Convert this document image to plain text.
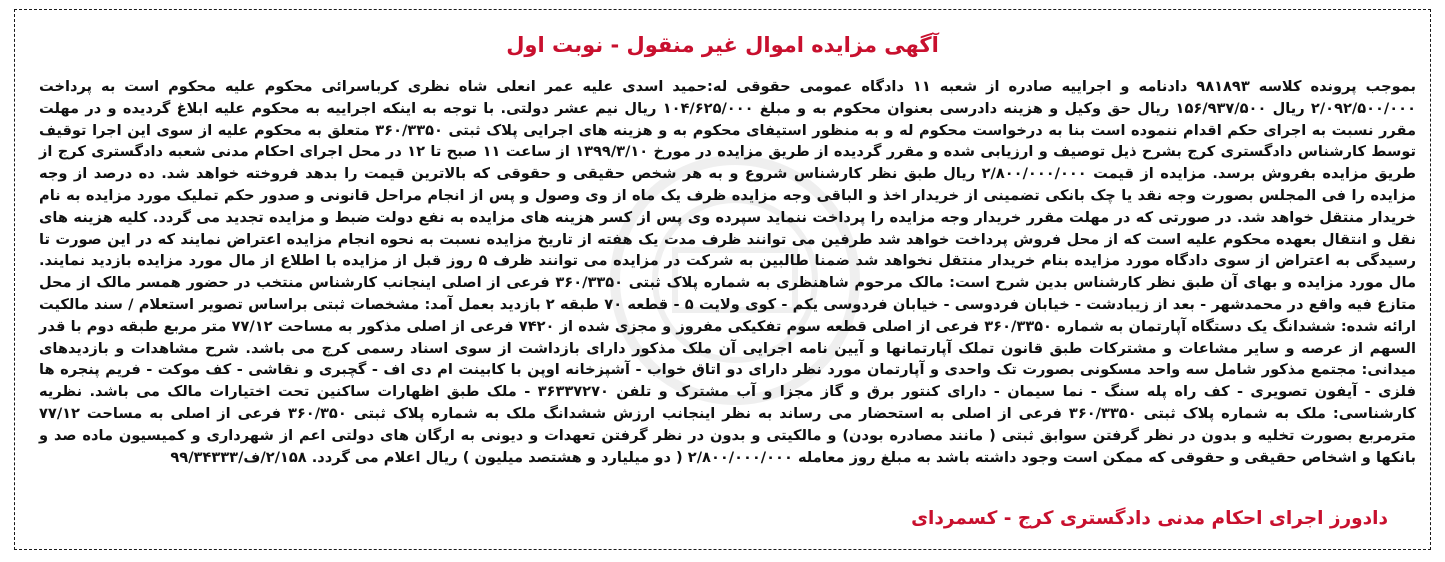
آگهی مزایده اموال غیر منقول - نوبت اول
بموجب پرونده کلاسه ۹۸۱۸۹۳ دادنامه و اجراییه صادره از شعبه ۱۱ دادگاه عمومی حقوقی له:حمید اسدی علیه عمر انعلی شاه نظری کرباسرائی محکوم علیه محکوم است به پرداخت ۲/۰۹۲/۵۰۰/۰۰۰ ریال ۱۵۶/۹۳۷/۵۰۰ ریال حق وکیل و هزینه دادرسی بعنوان محکوم به و مبلغ ۱۰۴/۶۲۵/۰۰۰ ریال نیم عشر دولتی. با توجه به اینکه اجراییه به محکوم علیه ابلاغ گردیده و در مهلت مقرر نسبت به اجرای حکم اقدام ننموده است بنا به درخواست محکوم له و به منظور استیفای محکوم به و هزینه های اجرایی پلاک ثبتی ۳۶۰/۳۳۵۰ متعلق به محکوم علیه از سوی این اجرا توقیف توسط کارشناس دادگستری کرج بشرح ذیل توصیف و ارزیابی شده و مقرر گردیده از طریق مزایده در مورخ ۱۳۹۹/۳/۱۰ از ساعت ۱۱ صبح تا ۱۲ در محل اجرای احکام مدنی شعبه دادگستری کرج از طریق مزایده بفروش برسد. مزایده از قیمت ۲/۸۰۰/۰۰۰/۰۰۰ ریال طبق نظر کارشناس شروع و به هر شخص حقیقی و حقوقی که بالاترین قیمت را بدهد فروخته خواهد شد. ده درصد از وجه مزایده را فی المجلس بصورت وجه نقد یا چک بانکی تضمینی از خریدار اخذ و الباقی وجه مزایده ظرف یک ماه از وی وصول و پس از انجام مراحل قانونی و صدور حکم تملیک مورد مزایده به نام خریدار منتقل خواهد شد. در صورتی که در مهلت مقرر خریدار وجه مزایده را پرداخت ننماید سپرده وی پس از کسر هزینه های مزایده به نفع دولت ضبط و مزایده تجدید می گردد. کلیه هزینه های نقل و انتقال بعهده محکوم علیه است که از محل فروش پرداخت خواهد شد طرفین می توانند ظرف مدت یک هفته از تاریخ مزایده نسبت به نحوه انجام مزایده اعتراض نمایند که در این صورت تا رسیدگی به اعتراض از سوی دادگاه مورد مزایده بنام خریدار منتقل نخواهد شد ضمنا طالبین به شرکت در مزایده می توانند ظرف ۵ روز قبل از مزایده با اطلاع از مال مورد مزایده بازدید نمایند. مال مورد مزایده و بهای آن طبق نظر کارشناس بدین شرح است: مالک مرحوم شاهنظری به شماره پلاک ثبتی ۳۶۰/۳۳۵۰ فرعی از اصلی اینجانب کارشناس منتخب در حضور همسر مالک از محل متازع فیه واقع در محمدشهر - بعد از زیبادشت - خیابان فردوسی - خیابان فردوسی یکم - کوی ولایت ۵ - قطعه ۷۰ طبقه ۲ بازدید بعمل آمد: مشخصات ثبتی براساس تصویر استعلام / سند مالکیت ارائه شده: ششدانگ یک دستگاه آپارتمان به شماره ۳۶۰/۳۳۵۰ فرعی از اصلی قطعه سوم تفکیکی مفروز و مجزی شده از ۷۴۲۰ فرعی از اصلی مذکور به مساحت ۷۷/۱۲ متر مربع طبقه دوم با قدر السهم از عرصه و سایر مشاعات و مشترکات طبق قانون تملک آپارتمانها و آیین نامه اجرایی آن ملک مذکور دارای بازداشت از سوی اسناد رسمی کرج می باشد. شرح مشاهدات و بازدیدهای میدانی: مجتمع مذکور شامل سه واحد مسکونی بصورت تک واحدی و آپارتمان مورد نظر دارای دو اتاق خواب - آشپزخانه اوپن با کابینت ام دی اف - گچبری و نقاشی - کف موکت - فریم پنجره ها فلزی - آیفون تصویری - کف راه پله سنگ - نما سیمان - دارای کنتور برق و گاز مجزا و آب مشترک و تلفن ۳۶۳۳۷۲۷۰ - ملک طبق اظهارات ساکنین تحت اختیارات مالک می باشد. نظریه کارشناسی: ملک به شماره پلاک ثبتی ۳۶۰/۳۳۵۰ فرعی از اصلی به استحضار می رساند به نظر اینجانب ارزش ششدانگ ملک به شماره پلاک ثبتی ۳۶۰/۳۵۰ فرعی از اصلی به مساحت ۷۷/۱۲ مترمربع بصورت تخلیه و بدون در نظر گرفتن سوابق ثبتی ( مانند مصادره بودن) و مالکیتی و بدون در نظر گرفتن تعهدات و دیونی به ارگان های دولتی اعم از شهرداری و کمیسیون ماده صد و بانکها و اشخاص حقیقی و حقوقی که ممکن است وجود داشته باشد به مبلغ روز معامله ۲/۸۰۰/۰۰۰/۰۰۰ ( دو میلیارد و هشتصد میلیون ) ریال اعلام می گردد. ۲/۱۵۸/ف/۹۹/۳۴۳۳۳
دادورز اجرای احکام مدنی دادگستری کرج - کسمردای
